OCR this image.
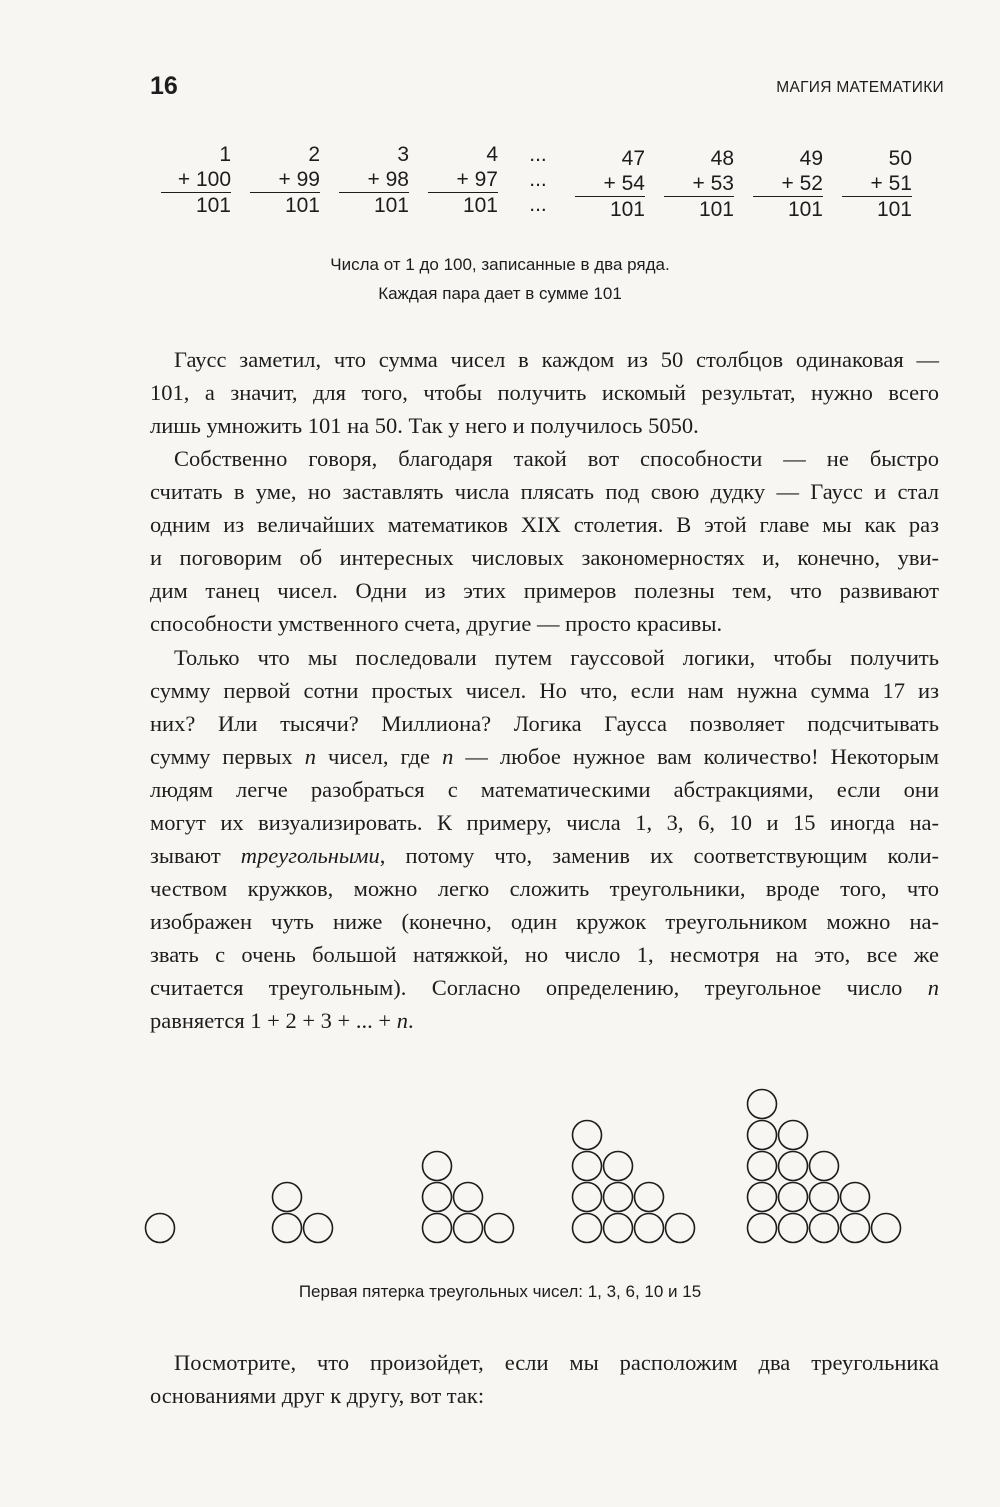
16	МАГИЯ МАТЕМАТИКИ
1
+ 100
101
2
+ 99
101
3
+ 98
101
4
+ 97
101
...
...
...
47
+ 54
101
48
+ 53
101
49
+ 52
101
50
+ 51
101
Числа от 1 до 100, записанные в два ряда.
Каждая пара дает в сумме 101
Гаусс заметил, что сумма чисел в каждом из 50 столбцов одинаковая —
101, а значит, для того, чтобы получить искомый результат, нужно всего
лишь умножить 101 на 50. Так у него и получилось 5050.
Собственно говоря, благодаря такой вот способности — не быстро
считать в уме, но заставлять числа плясать под свою дудку — Гаусс и стал
одним из величайших математиков XIX столетия. В этой главе мы как раз
и поговорим об интересных числовых закономерностях и, конечно, уви-
дим танец чисел. Одни из этих примеров полезны тем, что развивают
способности умственного счета, другие — просто красивы.
Только что мы последовали путем гауссовой логики, чтобы получить
сумму первой сотни простых чисел. Но что, если нам нужна сумма 17 из
них? Или тысячи? Миллиона? Логика Гаусса позволяет подсчитывать
сумму первых n чисел, где n — любое нужное вам количество! Некоторым
людям легче разобраться с математическими абстракциями, если они
могут их визуализировать. К примеру, числа 1, 3, 6, 10 и 15 иногда на-
зывают треугольными, потому что, заменив их соответствующим коли-
чеством кружков, можно легко сложить треугольники, вроде того, что
изображен чуть ниже (конечно, один кружок треугольником можно на-
звать с очень большой натяжкой, но число 1, несмотря на это, все же
считается треугольным). Согласно определению, треугольное число n
равняется 1 + 2 + 3 + ... + n.
Первая пятерка треугольных чисел: 1, 3, 6, 10 и 15
Посмотрите, что произойдет, если мы расположим два треугольника
основаниями друг к другу, вот так:
